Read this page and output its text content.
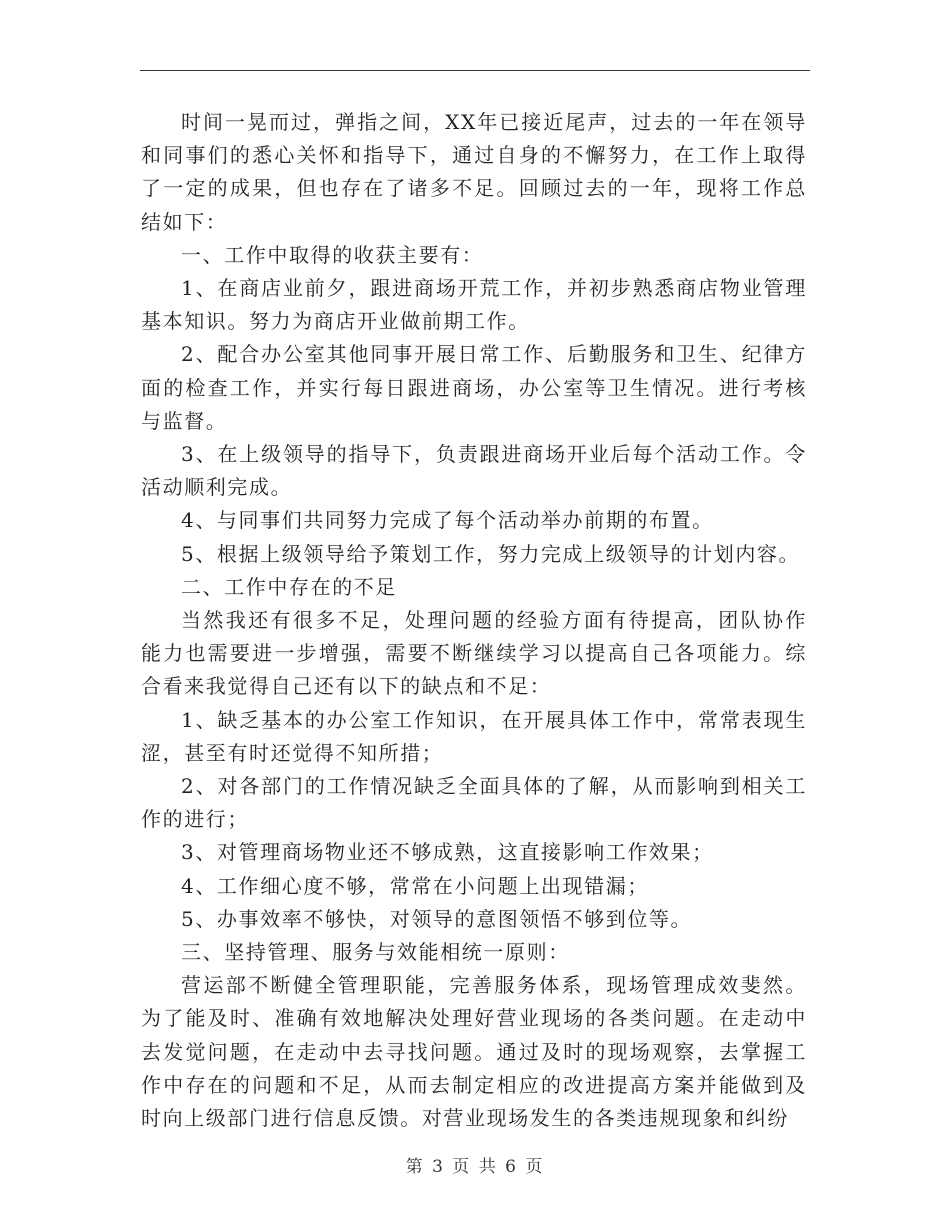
时间一晃而过，弹指之间，XX年已接近尾声，过去的一年在领导和同事们的悉心关怀和指导下，通过自身的不懈努力，在工作上取得了一定的成果，但也存在了诸多不足。回顾过去的一年，现将工作总结如下：

一、工作中取得的收获主要有：

1、在商店业前夕，跟进商场开荒工作，并初步熟悉商店物业管理基本知识。努力为商店开业做前期工作。

2、配合办公室其他同事开展日常工作、后勤服务和卫生、纪律方面的检查工作，并实行每日跟进商场，办公室等卫生情况。进行考核与监督。

3、在上级领导的指导下，负责跟进商场开业后每个活动工作。令活动顺利完成。

4、与同事们共同努力完成了每个活动举办前期的布置。

5、根据上级领导给予策划工作，努力完成上级领导的计划内容。

二、工作中存在的不足

当然我还有很多不足，处理问题的经验方面有待提高，团队协作能力也需要进一步增强，需要不断继续学习以提高自己各项能力。综合看来我觉得自己还有以下的缺点和不足：

1、缺乏基本的办公室工作知识，在开展具体工作中，常常表现生涩，甚至有时还觉得不知所措；

2、对各部门的工作情况缺乏全面具体的了解，从而影响到相关工作的进行；

3、对管理商场物业还不够成熟，这直接影响工作效果；

4、工作细心度不够，常常在小问题上出现错漏；

5、办事效率不够快，对领导的意图领悟不够到位等。

三、坚持管理、服务与效能相统一原则：

营运部不断健全管理职能，完善服务体系，现场管理成效斐然。为了能及时、准确有效地解决处理好营业现场的各类问题。在走动中去发觉问题，在走动中去寻找问题。通过及时的现场观察，去掌握工作中存在的问题和不足，从而去制定相应的改进提高方案并能做到及时向上级部门进行信息反馈。对营业现场发生的各类违规现象和纠纷

第 3 页 共 6 页
